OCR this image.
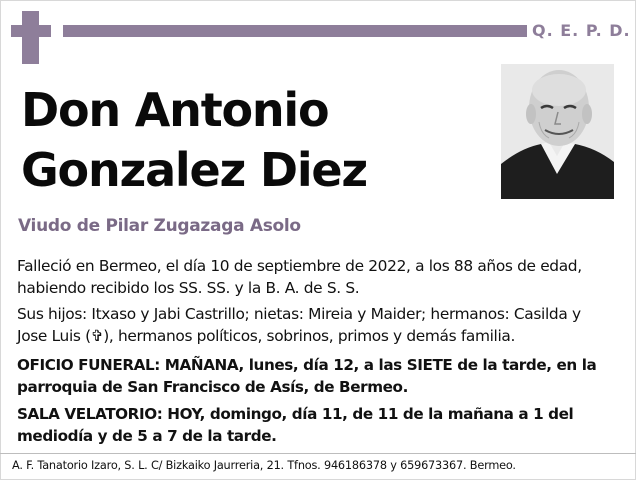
Q. E. P. D.
Don Antonio
Gonzalez Diez
Viudo de Pilar Zugazaga Asolo
Falleció en Bermeo, el día 10 de septiembre de 2022, a los 88 años de edad,
habiendo recibido los SS. SS. y la B. A. de S. S.
Sus hijos: Itxaso y Jabi Castrillo; nietas: Mireia y Maider; hermanos: Casilda y
Jose Luis (✞), hermanos políticos, sobrinos, primos y demás familia.
OFICIO FUNERAL: MAÑANA, lunes, día 12, a las SIETE de la tarde, en la
parroquia de San Francisco de Asís, de Bermeo.
SALA VELATORIO: HOY, domingo, día 11, de 11 de la mañana a 1 del
mediodía y de 5 a 7 de la tarde.
A. F. Tanatorio Izaro, S. L. C/ Bizkaiko Jaurreria, 21. Tfnos. 946186378 y 659673367. Bermeo.
